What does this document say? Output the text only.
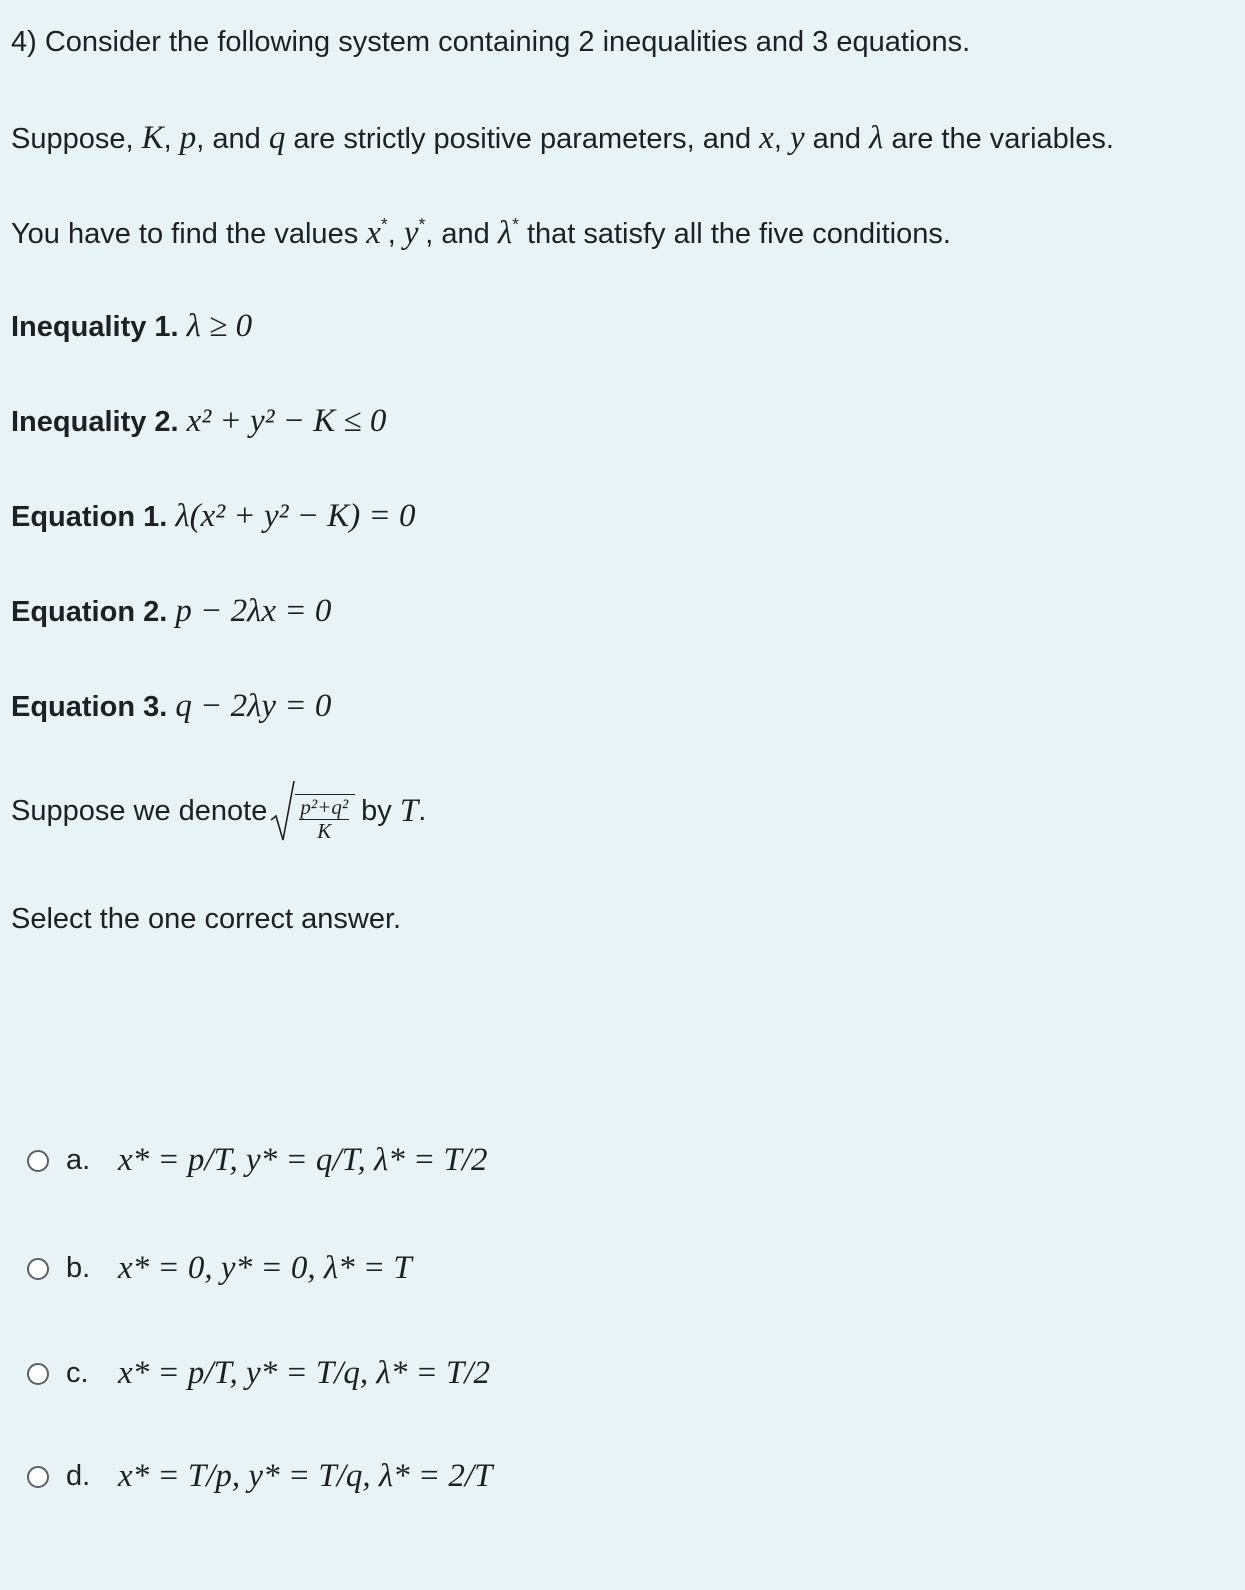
4) Consider the following system containing 2 inequalities and 3 equations.
Suppose, K, p, and q are strictly positive parameters, and x, y and λ are the variables.
You have to find the values x*, y*, and λ* that satisfy all the five conditions.
Inequality 1. λ ≥ 0
Inequality 2. x² + y² − K ≤ 0
Equation 1. λ(x² + y² − K) = 0
Equation 2. p − 2λx = 0
Equation 3. q − 2λy = 0
Suppose we denote $\frac{\text{p²+q²}}{K}$ by
T .
Select the one correct answer.
a. x* = p/T, y* = q/T, λ* = T/2
b. x* = 0, y* = 0, λ* = T
c. x* = p/T, y* = T/q, λ* = T/2
d. x* = T/p, y* = T/q, λ* = 2/T
